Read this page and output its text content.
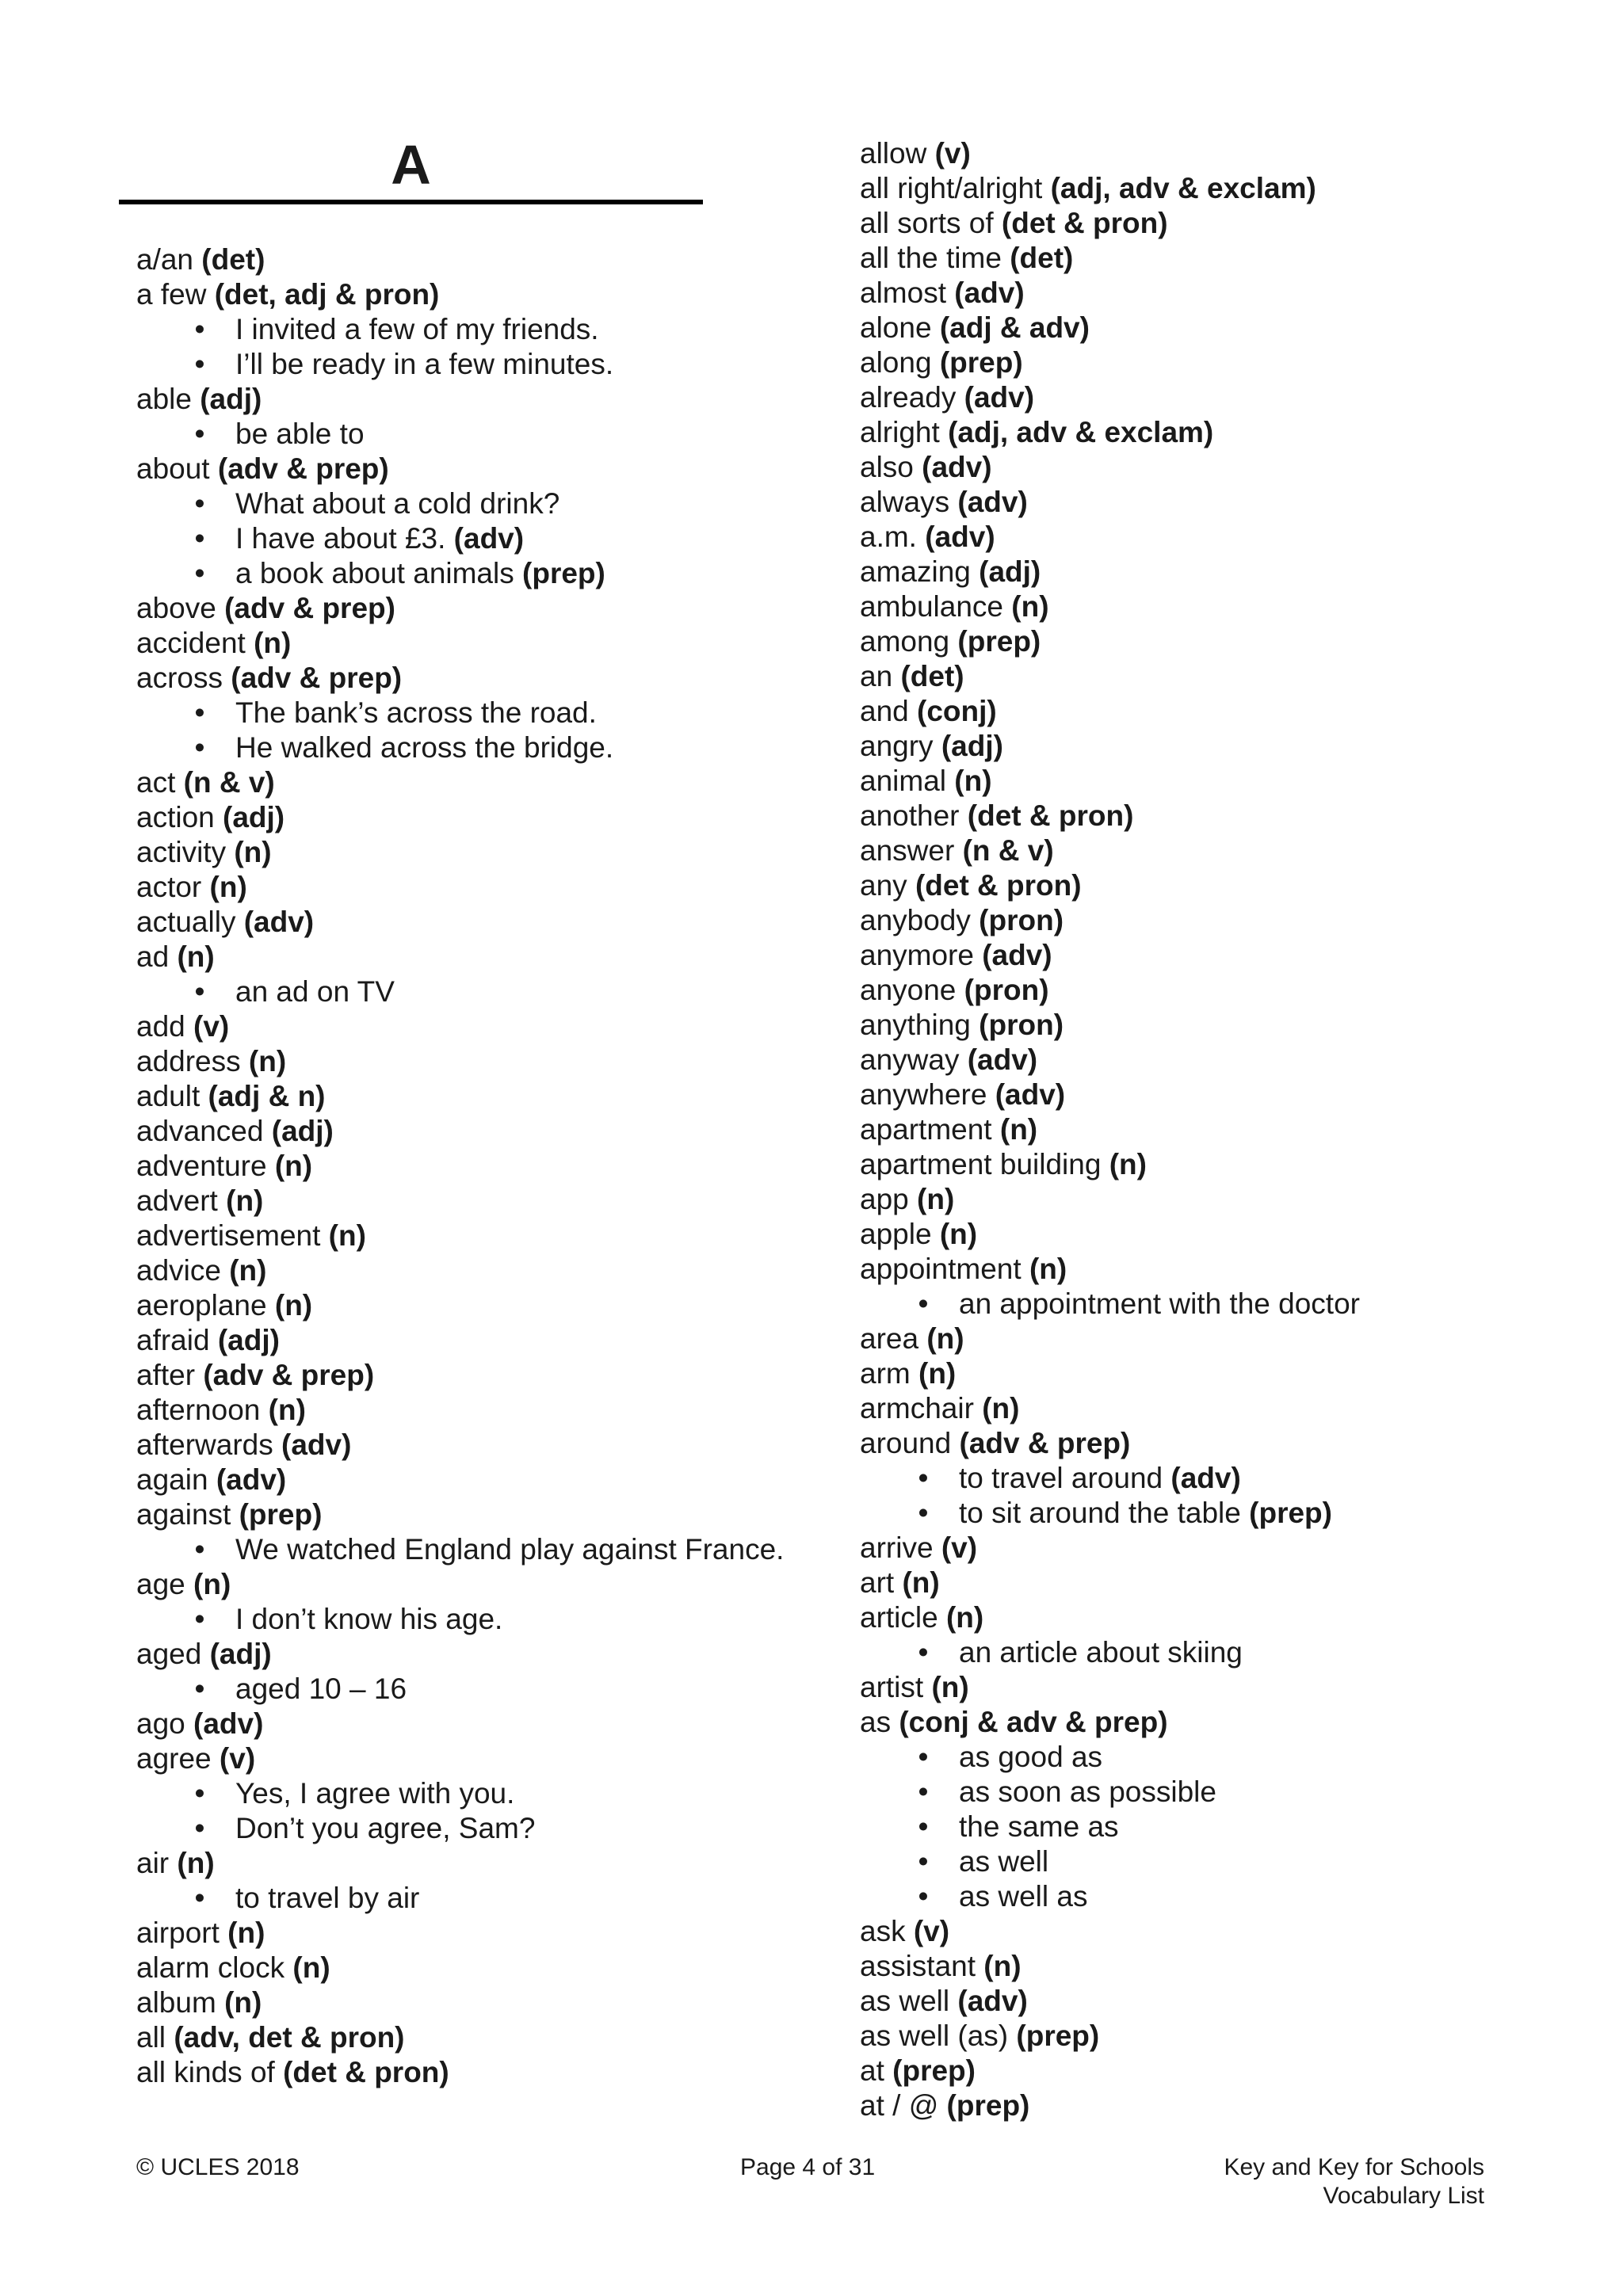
A
a/an (det)
a few (det, adj & pron)
• I invited a few of my friends.
• I’ll be ready in a few minutes.
able (adj)
• be able to
about (adv & prep)
• What about a cold drink?
• I have about £3. (adv)
• a book about animals (prep)
above (adv & prep)
accident (n)
across (adv & prep)
• The bank’s across the road.
• He walked across the bridge.
act (n & v)
action (adj)
activity (n)
actor (n)
actually (adv)
ad (n)
• an ad on TV
add (v)
address (n)
adult (adj & n)
advanced (adj)
adventure (n)
advert (n)
advertisement (n)
advice (n)
aeroplane (n)
afraid (adj)
after (adv & prep)
afternoon (n)
afterwards (adv)
again (adv)
against (prep)
• We watched England play against France.
age (n)
• I don’t know his age.
aged (adj)
• aged 10 – 16
ago (adv)
agree (v)
• Yes, I agree with you.
• Don’t you agree, Sam?
air (n)
• to travel by air
airport (n)
alarm clock (n)
album (n)
all (adv, det & pron)
all kinds of (det & pron)
allow (v)
all right/alright (adj, adv & exclam)
all sorts of (det & pron)
all the time (det)
almost (adv)
alone (adj & adv)
along (prep)
already (adv)
alright (adj, adv & exclam)
also (adv)
always (adv)
a.m. (adv)
amazing (adj)
ambulance (n)
among (prep)
an (det)
and (conj)
angry (adj)
animal (n)
another (det & pron)
answer (n & v)
any (det & pron)
anybody (pron)
anymore (adv)
anyone (pron)
anything (pron)
anyway (adv)
anywhere (adv)
apartment (n)
apartment building (n)
app (n)
apple (n)
appointment (n)
• an appointment with the doctor
area (n)
arm (n)
armchair (n)
around (adv & prep)
• to travel around (adv)
• to sit around the table (prep)
arrive (v)
art (n)
article (n)
• an article about skiing
artist (n)
as (conj & adv & prep)
• as good as
• as soon as possible
• the same as
• as well
• as well as
ask (v)
assistant (n)
as well (adv)
as well (as) (prep)
at (prep)
at / @ (prep)
© UCLES 2018	Page 4 of 31	Key and Key for Schools
Vocabulary List
